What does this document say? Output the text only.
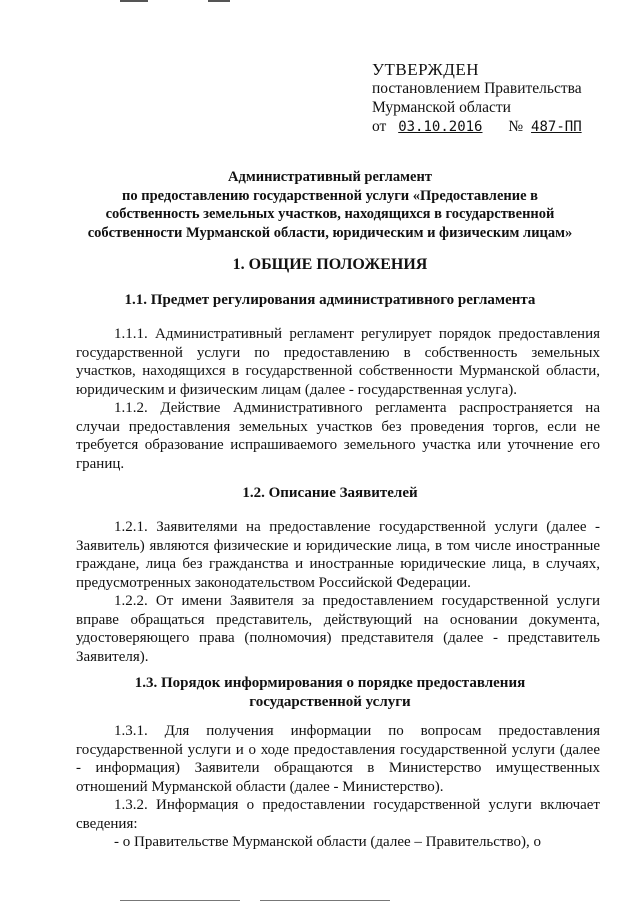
УТВЕРЖДЕН
постановлением Правительства
Мурманской области
от 03.10.2016 № 487-ПП
Административный регламент
по предоставлению государственной услуги «Предоставление в
собственность земельных участков, находящихся в государственной
собственности Мурманской области, юридическим и физическим лицам»
1. ОБЩИЕ ПОЛОЖЕНИЯ
1.1. Предмет регулирования административного регламента

1.1.1. Административный регламент регулирует порядок предоставления государственной услуги по предоставлению в собственность земельных участков, находящихся в государственной собственности Мурманской области, юридическим и физическим лицам (далее - государственная услуга).

1.1.2. Действие Административного регламента распространяется на случаи предоставления земельных участков без проведения торгов, если не требуется образование испрашиваемого земельного участка или уточнение его границ.

1.2. Описание Заявителей

1.2.1. Заявителями на предоставление государственной услуги (далее - Заявитель) являются физические и юридические лица, в том числе иностранные граждане, лица без гражданства и иностранные юридические лица, в случаях, предусмотренных законодательством Российской Федерации.

1.2.2. От имени Заявителя за предоставлением государственной услуги вправе обращаться представитель, действующий на основании документа, удостоверяющего права (полномочия) представителя (далее - представитель Заявителя).

1.3. Порядок информирования о порядке предоставления
государственной услуги

1.3.1. Для получения информации по вопросам предоставления государственной услуги и о ходе предоставления государственной услуги (далее - информация) Заявители обращаются в Министерство имущественных отношений Мурманской области (далее - Министерство).

1.3.2. Информация о предоставлении государственной услуги включает сведения:

- о Правительстве Мурманской области (далее – Правительство), о
